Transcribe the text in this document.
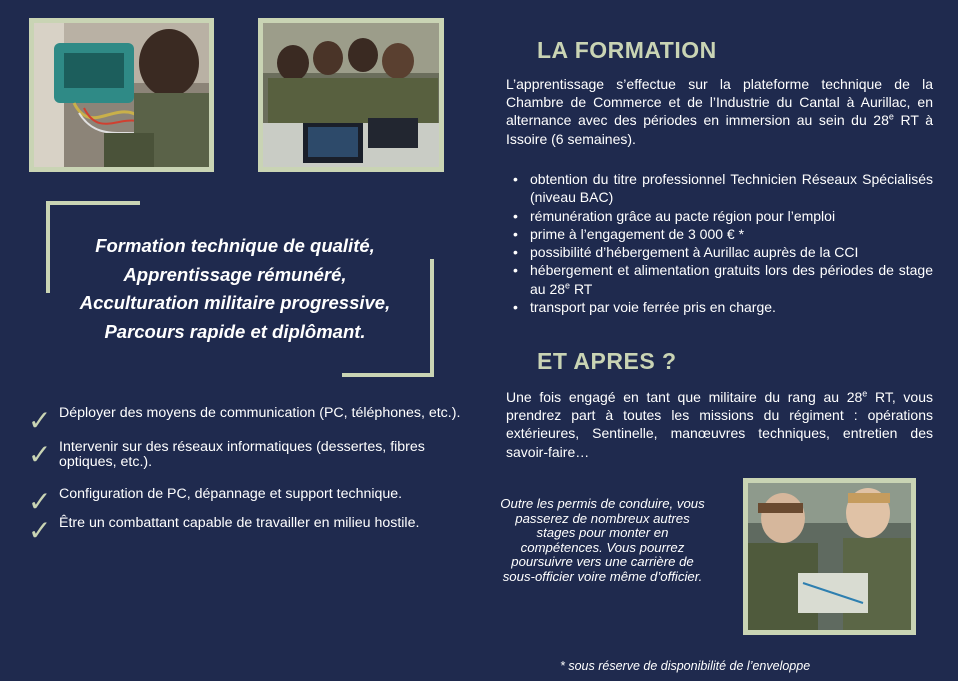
Formation technique de qualité,
Apprentissage rémunéré,
Acculturation militaire progressive,
Parcours rapide et diplômant.
✓ Déployer des moyens de communication (PC, téléphones, etc.).
✓ Intervenir sur des réseaux informatiques (dessertes, fibres optiques, etc.).
✓ Configuration de PC, dépannage et support technique.
✓ Être un combattant capable de travailler en milieu hostile.
LA FORMATION
L’apprentissage s’effectue sur la plateforme technique de la Chambre de Commerce et de l’Industrie du Cantal à Aurillac, en alternance avec des périodes en immersion au sein du 28e RT à Issoire (6 semaines).
• obtention du titre professionnel Technicien Réseaux Spécialisés (niveau BAC)
• rémunération grâce au pacte région pour l’emploi
• prime à l’engagement de 3 000 € *
• possibilité d’hébergement à Aurillac auprès de la CCI
• hébergement et alimentation gratuits lors des périodes de stage au 28e RT
• transport par voie ferrée pris en charge.
ET APRES ?
Une fois engagé en tant que militaire du rang au 28e RT, vous prendrez part à toutes les missions du régiment : opérations extérieures, Sentinelle, manœuvres techniques, entretien des savoir-faire…
Outre les permis de conduire, vous passerez de nombreux autres stages pour monter en compétences. Vous pourrez poursuivre vers une carrière de sous-officier voire même d’officier.
* sous réserve de disponibilité de l’enveloppe
